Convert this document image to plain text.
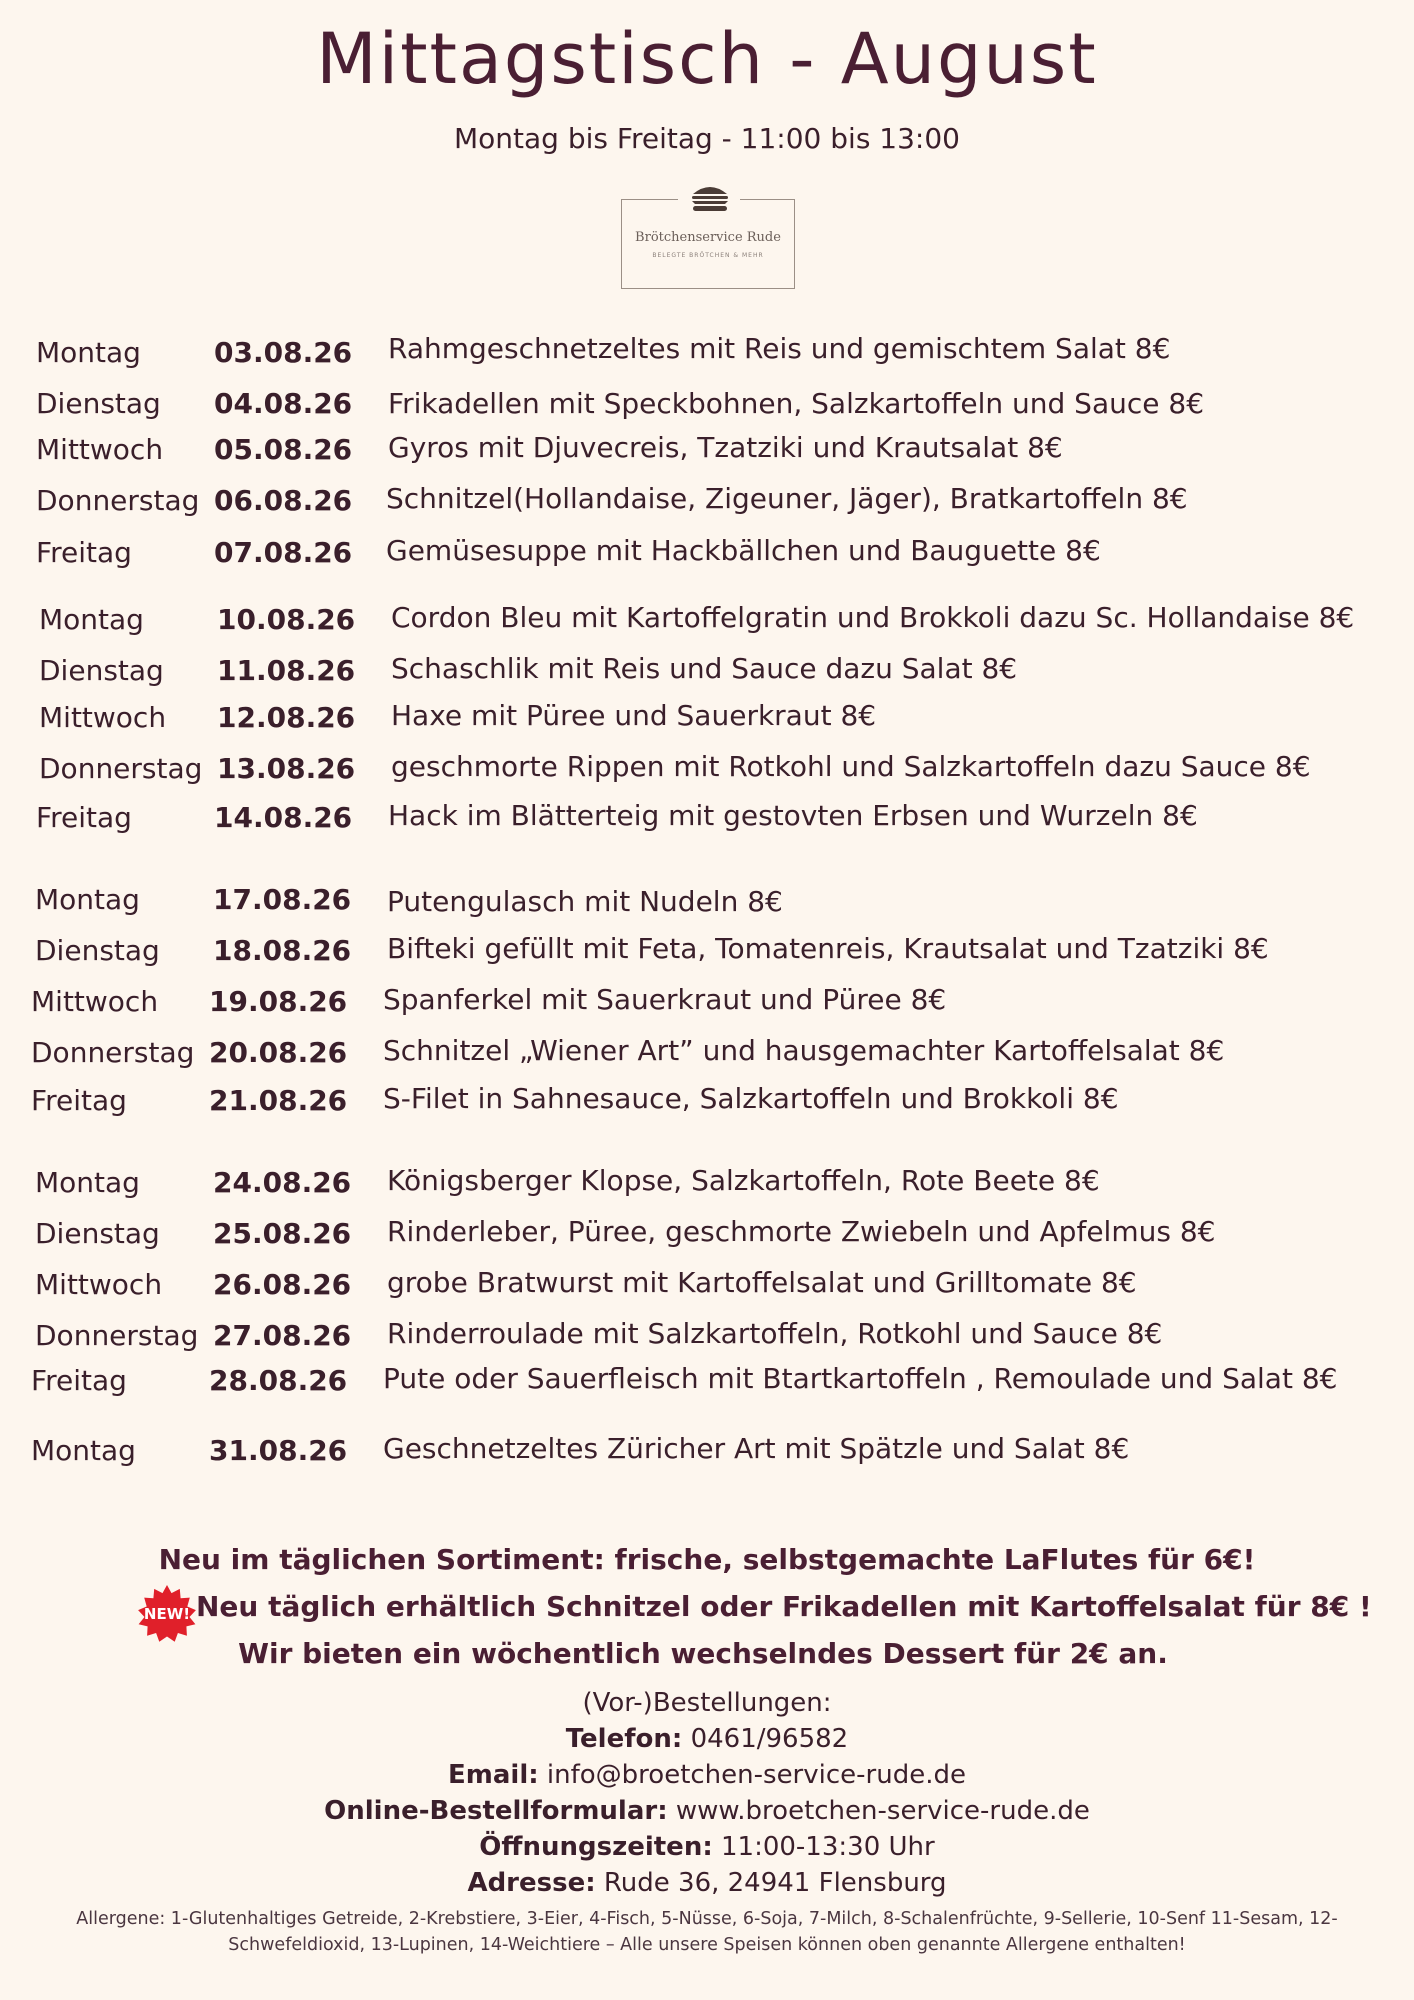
Mittagstisch - August
Montag bis Freitag - 11:00 bis 13:00
Brötchenservice Rude
BELEGTE BRÖTCHEN & MEHR
Montag	03.08.26 Rahmgeschnetzeltes mit Reis und gemischtem Salat 8€
Dienstag 04.08.26 Frikadellen mit Speckbohnen, Salzkartoffeln und Sauce 8€
Mittwoch 05.08.26 Gyros mit Djuvecreis, Tzatziki und Krautsalat 8€
Donnerstag 06.08.26 Schnitzel(Hollandaise, Zigeuner, Jäger), Bratkartoffeln 8€
Freitag	07.08.26 Gemüsesuppe mit Hackbällchen und Bauguette 8€
Montag	10.08.26 Cordon Bleu mit Kartoffelgratin und Brokkoli dazu Sc. Hollandaise 8€
Dienstag 11.08.26 Schaschlik mit Reis und Sauce dazu Salat 8€
Mittwoch 12.08.26 Haxe mit Püree und Sauerkraut 8€
Donnerstag 13.08.26 geschmorte Rippen mit Rotkohl und Salzkartoffeln dazu Sauce 8€
Freitag	14.08.26 Hack im Blätterteig mit gestovten Erbsen und Wurzeln 8€
Montag	17.08.26 Putengulasch mit Nudeln 8€
Dienstag 18.08.26 Bifteki gefüllt mit Feta, Tomatenreis, Krautsalat und Tzatziki 8€
Mittwoch 19.08.26 Spanferkel mit Sauerkraut und Püree 8€
Donnerstag 20.08.26 Schnitzel „Wiener Art” und hausgemachter Kartoffelsalat 8€
Freitag	21.08.26 S-Filet in Sahnesauce, Salzkartoffeln und Brokkoli 8€
Montag	24.08.26 Königsberger Klopse, Salzkartoffeln, Rote Beete 8€
Dienstag 25.08.26 Rinderleber, Püree, geschmorte Zwiebeln und Apfelmus 8€
Mittwoch 26.08.26 grobe Bratwurst mit Kartoffelsalat und Grilltomate 8€
Donnerstag 27.08.26 Rinderroulade mit Salzkartoffeln, Rotkohl und Sauce 8€
Freitag	28.08.26 Pute oder Sauerfleisch mit Btartkartoffeln , Remoulade und Salat 8€
Montag	31.08.26 Geschnetzeltes Züricher Art mit Spätzle und Salat 8€
Neu im täglichen Sortiment: frische, selbstgemachte LaFlutes für 6€!
NEW! Neu täglich erhältlich Schnitzel oder Frikadellen mit Kartoffelsalat für 8€ !
Wir bieten ein wöchentlich wechselndes Dessert für 2€ an.
(Vor-)Bestellungen:
Telefon: 0461/96582
Email: info@broetchen-service-rude.de
Online-Bestellformular: www.broetchen-service-rude.de
Öffnungszeiten: 11:00-13:30 Uhr
Adresse: Rude 36, 24941 Flensburg
Allergene: 1-Glutenhaltiges Getreide, 2-Krebstiere, 3-Eier, 4-Fisch, 5-Nüsse, 6-Soja, 7-Milch, 8-Schalenfrüchte, 9-Sellerie, 10-Senf 11-Sesam, 12-Schwefeldioxid, 13-Lupinen, 14-Weichtiere – Alle unsere Speisen können oben genannte Allergene enthalten!
